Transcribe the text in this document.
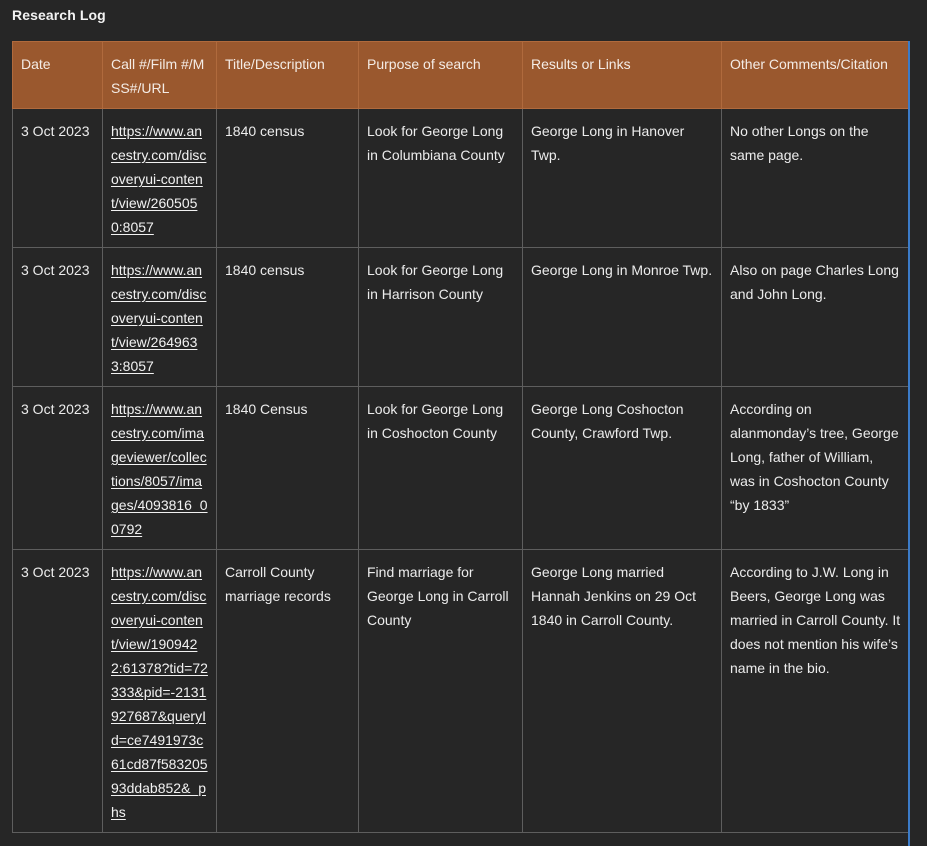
Research Log
Date	Call #/Film #/MSS#/URL	Title/Description	Purpose of search	Results or Links	Other Comments/Citation
3 Oct 2023	https://www.ancestry.com/discoveryui-content/view/2605050:8057	1840 census	Look for George Long in Columbiana County	George Long in Hanover Twp.	No other Longs on the same page.
3 Oct 2023	https://www.ancestry.com/discoveryui-content/view/2649633:8057	1840 census	Look for George Long in Harrison County	George Long in Monroe Twp.	Also on page Charles Long and John Long.
3 Oct 2023	https://www.ancestry.com/imageviewer/collections/8057/images/4093816_00792	1840 Census	Look for George Long in Coshocton County	George Long Coshocton County, Crawford Twp.	According on alanmonday’s tree, George Long, father of William, was in Coshocton County “by 1833”
3 Oct 2023	https://www.ancestry.com/discoveryui-content/view/1909422:61378?tid=72333&pid=-2131927687&queryId=ce7491973c61cd87f58320593ddab852&_phs	Carroll County marriage records	Find marriage for George Long in Carroll County	George Long married Hannah Jenkins on 29 Oct 1840 in Carroll County.	According to J.W. Long in Beers, George Long was married in Carroll County. It does not mention his wife’s name in the bio.
